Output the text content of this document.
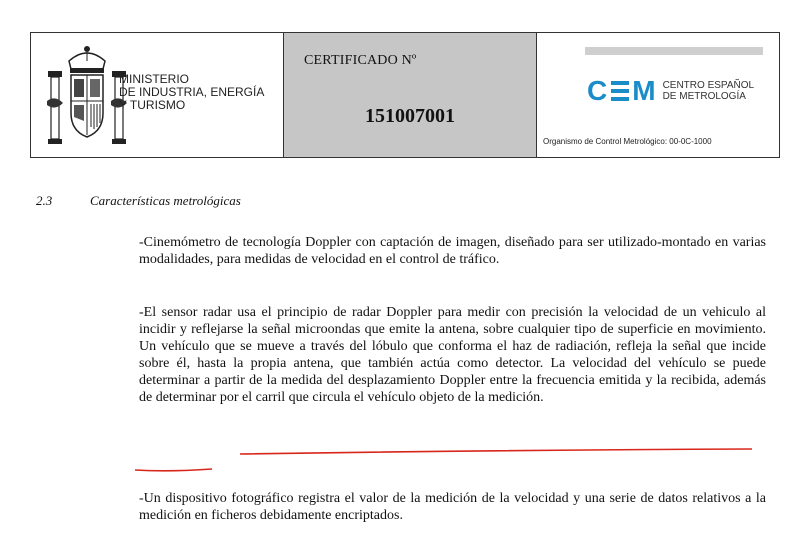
MINISTERIO
DE INDUSTRIA, ENERGÍA
Y TURISMO
CERTIFICADO Nº
151007001
C M CENTRO ESPAÑOL
DE METROLOGÍA
Organismo de Control Metrológico: 00-0C-1000
2.3	Características metrológicas
-Cinemómetro de tecnología Doppler con captación de imagen, diseñado para ser utilizado-montado en varias modalidades, para medidas de velocidad en el control de tráfico.
-El sensor radar usa el principio de radar Doppler para medir con precisión la velocidad de un vehiculo al incidir y reflejarse la señal microondas que emite la antena, sobre cualquier tipo de superficie en movimiento. Un vehículo que se mueve a través del lóbulo que conforma el haz de radiación, refleja la señal que incide sobre él, hasta la propia antena, que también actúa como detector. La velocidad del vehículo se puede determinar a partir de la medida del desplazamiento Doppler entre la frecuencia emitida y la recibida, además de determinar por el carril que circula el vehículo objeto de la medición.
-Un dispositivo fotográfico registra el valor de la medición de la velocidad y una serie de datos relativos a la medición en ficheros debidamente encriptados.
